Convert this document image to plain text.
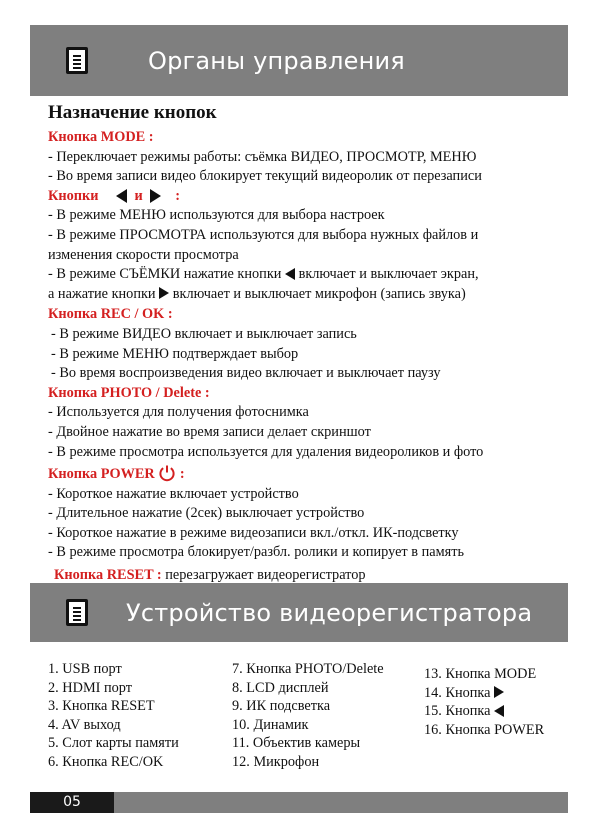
Органы управления
Назначение кнопок
Кнопка MODE :
- Переключает режимы работы: съёмка ВИДЕО, ПРОСМОТР, МЕНЮ
- Во время записи видео блокирует текущий видеоролик от перезаписи
Кнопки	и :
- В режиме МЕНЮ используются для выбора настроек
- В режиме ПРОСМОТРА используются для выбора нужных файлов и
изменения скорости просмотра
- В режиме СЪЁМКИ нажатие кнопки включает и выключает экран,
а нажатие кнопки включает и выключает микрофон (запись звука)
Кнопка REC / OK :
- В режиме ВИДЕО включает и выключает запись
- В режиме МЕНЮ подтверждает выбор
- Во время воспроизведения видео включает и выключает паузу
Кнопка PHOTO / Delete :
- Используется для получения фотоснимка
- Двойное нажатие во время записи делает скриншот
- В режиме просмотра используется для удаления видеороликов и фото
Кнопка POWER :
- Короткое нажатие включает устройство
- Длительное нажатие (2сек) выключает устройство
- Короткое нажатие в режиме видеозаписи вкл./откл. ИК-подсветку
- В режиме просмотра блокирует/разбл. ролики и копирует в память
Кнопка RESET : перезагружает видеорегистратор
Устройство видеорегистратора
1. USB порт
2. HDMI порт
3. Кнопка RESET
4. AV выход
5. Слот карты памяти
6. Кнопка REC/OK
7. Кнопка PHOTO/Delete
8. LCD дисплей
9. ИК подсветка
10. Динамик
11. Объектив камеры
12. Микрофон
13. Кнопка MODE
14. Кнопка
15. Кнопка
16. Кнопка POWER
05
